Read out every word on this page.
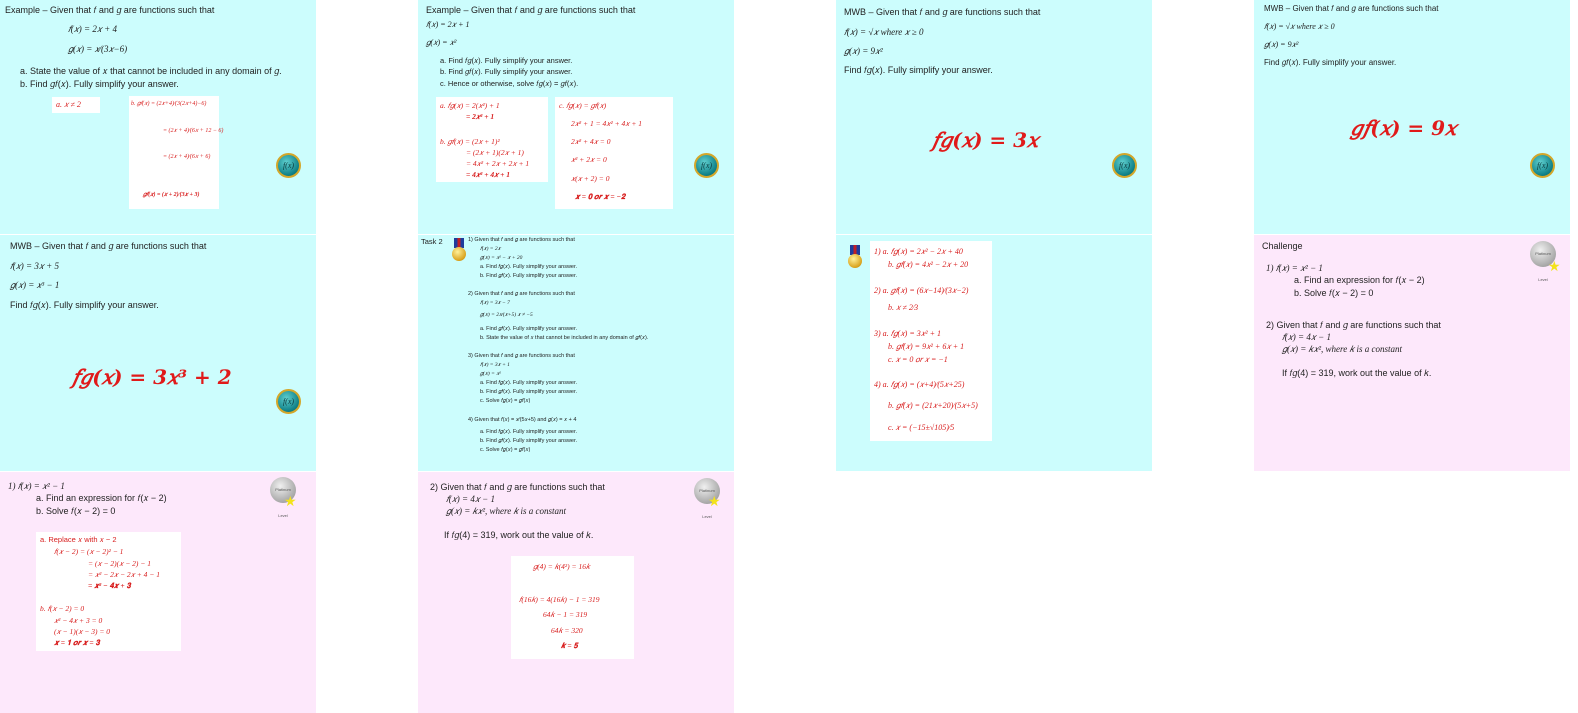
Example – Given that 𝑓 and 𝑔 are functions such that
𝑓(𝑥) = 2𝑥 + 4
𝑔(𝑥) = 𝑥⁄(3𝑥−6)
a. State the value of 𝑥 that cannot be included in any domain of 𝑔.
b. Find 𝑔𝑓(𝑥). Fully simplify your answer.
a. 𝑥 ≠ 2	b. 𝑔𝑓(𝑥) = (2𝑥+4)⁄(3(2𝑥+4)−6)
= (2𝑥 + 4)⁄(6𝑥 + 12 − 6)
= (2𝑥 + 4)⁄(6𝑥 + 6)
𝑔𝑓(𝑥) = (𝑥 + 2)⁄(3𝑥 + 3)
f(x)
Example – Given that 𝑓 and 𝑔 are functions such that
𝑓(𝑥) = 2𝑥 + 1
𝑔(𝑥) = 𝑥²
a. Find 𝑓𝑔(𝑥). Fully simplify your answer.
b. Find 𝑔𝑓(𝑥). Fully simplify your answer.
c. Hence or otherwise, solve 𝑓𝑔(𝑥) = 𝑔𝑓(𝑥).
a. 𝑓𝑔(𝑥) = 2(𝑥²) + 1
= 2𝑥² + 1
b. 𝑔𝑓(𝑥) = (2𝑥 + 1)²
= (2𝑥 + 1)(2𝑥 + 1)
= 4𝑥² + 2𝑥 + 2𝑥 + 1
= 4𝑥² + 4𝑥 + 1
c. 𝑓𝑔(𝑥) = 𝑔𝑓(𝑥)
2𝑥² + 1 = 4𝑥² + 4𝑥 + 1
2𝑥² + 4𝑥 = 0
𝑥² + 2𝑥 = 0
𝑥(𝑥 + 2) = 0
𝒙 = 𝟎 𝒐𝒓 𝒙 = −𝟐
f(x)
MWB – Given that 𝑓 and 𝑔 are functions such that
𝑓(𝑥) = √𝑥 where 𝑥 ≥ 0
𝑔(𝑥) = 9𝑥²
Find 𝑓𝑔(𝑥). Fully simplify your answer.
𝑓𝑔(𝑥) = 3𝑥
f(x)
MWB – Given that 𝑓 and 𝑔 are functions such that
𝑓(𝑥) = √𝑥 where 𝑥 ≥ 0
𝑔(𝑥) = 9𝑥²
Find 𝑔𝑓(𝑥). Fully simplify your answer.
𝑔𝑓(𝑥) = 9𝑥
f(x)
MWB – Given that 𝑓 and 𝑔 are functions such that
𝑓(𝑥) = 3𝑥 + 5
𝑔(𝑥) = 𝑥³ − 1
Find 𝑓𝑔(𝑥). Fully simplify your answer.
𝑓𝑔(𝑥) = 3𝑥³ + 2
f(x)
Task 2	1) Given that 𝑓 and 𝑔 are functions such that
𝑓(𝑥) = 2𝑥
𝑔(𝑥) = 𝑥² − 𝑥 + 20
a. Find 𝑓𝑔(𝑥). Fully simplify your answer.
b. Find 𝑔𝑓(𝑥). Fully simplify your answer.
2) Given that 𝑓 and 𝑔 are functions such that
𝑓(𝑥) = 3𝑥 − 7
𝑔(𝑥) = 2𝑥⁄(𝑥+5) 𝑥 ≠ −5
a. Find 𝑔𝑓(𝑥). Fully simplify your answer.
b. State the value of 𝑥 that cannot be included in any domain of 𝑔𝑓(𝑥).
3) Given that 𝑓 and 𝑔 are functions such that
𝑓(𝑥) = 3𝑥 + 1
𝑔(𝑥) = 𝑥²
a. Find 𝑓𝑔(𝑥). Fully simplify your answer.
b. Find 𝑔𝑓(𝑥). Fully simplify your answer.
c. Solve 𝑓𝑔(𝑥) = 𝑔𝑓(𝑥)
4) Given that 𝑓(𝑥) = 𝑥⁄(5𝑥+5) and 𝑔(𝑥) = 𝑥 + 4
a. Find 𝑓𝑔(𝑥). Fully simplify your answer.
b. Find 𝑔𝑓(𝑥). Fully simplify your answer.
c. Solve 𝑓𝑔(𝑥) = 𝑔𝑓(𝑥)
1) a. 𝑓𝑔(𝑥) = 2𝑥² − 2𝑥 + 40
b. 𝑔𝑓(𝑥) = 4𝑥² − 2𝑥 + 20
2) a. 𝑔𝑓(𝑥) = (6𝑥−14)⁄(3𝑥−2)
b. 𝑥 ≠ 2⁄3
3) a. 𝑓𝑔(𝑥) = 3𝑥² + 1
b. 𝑔𝑓(𝑥) = 9𝑥² + 6𝑥 + 1
c. 𝑥 = 0 𝑜𝑟 𝑥 = −1
4) a. 𝑓𝑔(𝑥) = (𝑥+4)⁄(5𝑥+25)
b. 𝑔𝑓(𝑥) = (21𝑥+20)⁄(5𝑥+5)
c. 𝑥 = (−15±√105)⁄5
Challenge
1) 𝑓(𝑥) = 𝑥² − 1
a. Find an expression for 𝑓(𝑥 − 2)
b. Solve 𝑓(𝑥 − 2) = 0
2) Given that 𝑓 and 𝑔 are functions such that
𝑓(𝑥) = 4𝑥 − 1
𝑔(𝑥) = 𝑘𝑥², where 𝑘 is a constant
If 𝑓𝑔(4) = 319, work out the value of 𝑘.
Platinum Level
★
1) 𝑓(𝑥) = 𝑥² − 1
a. Find an expression for 𝑓(𝑥 − 2)
b. Solve 𝑓(𝑥 − 2) = 0
Platinum Level
★
a. Replace 𝑥 with 𝑥 − 2
𝑓(𝑥 − 2) = (𝑥 − 2)² − 1
= (𝑥 − 2)(𝑥 − 2) − 1
= 𝑥² − 2𝑥 − 2𝑥 + 4 − 1
= 𝒙² − 𝟒𝒙 + 𝟑
b. 𝑓(𝑥 − 2) = 0
𝑥² − 4𝑥 + 3 = 0
(𝑥 − 1)(𝑥 − 3) = 0
𝒙 = 𝟏 𝒐𝒓 𝒙 = 𝟑
2) Given that 𝑓 and 𝑔 are functions such that
𝑓(𝑥) = 4𝑥 − 1
𝑔(𝑥) = 𝑘𝑥², where 𝑘 is a constant
If 𝑓𝑔(4) = 319, work out the value of 𝑘.
Platinum Level
★
𝑔(4) = 𝑘(4²) = 16𝑘
𝑓(16𝑘) = 4(16𝑘) − 1 = 319
64𝑘 − 1 = 319
64𝑘 = 320
𝒌 = 𝟓
